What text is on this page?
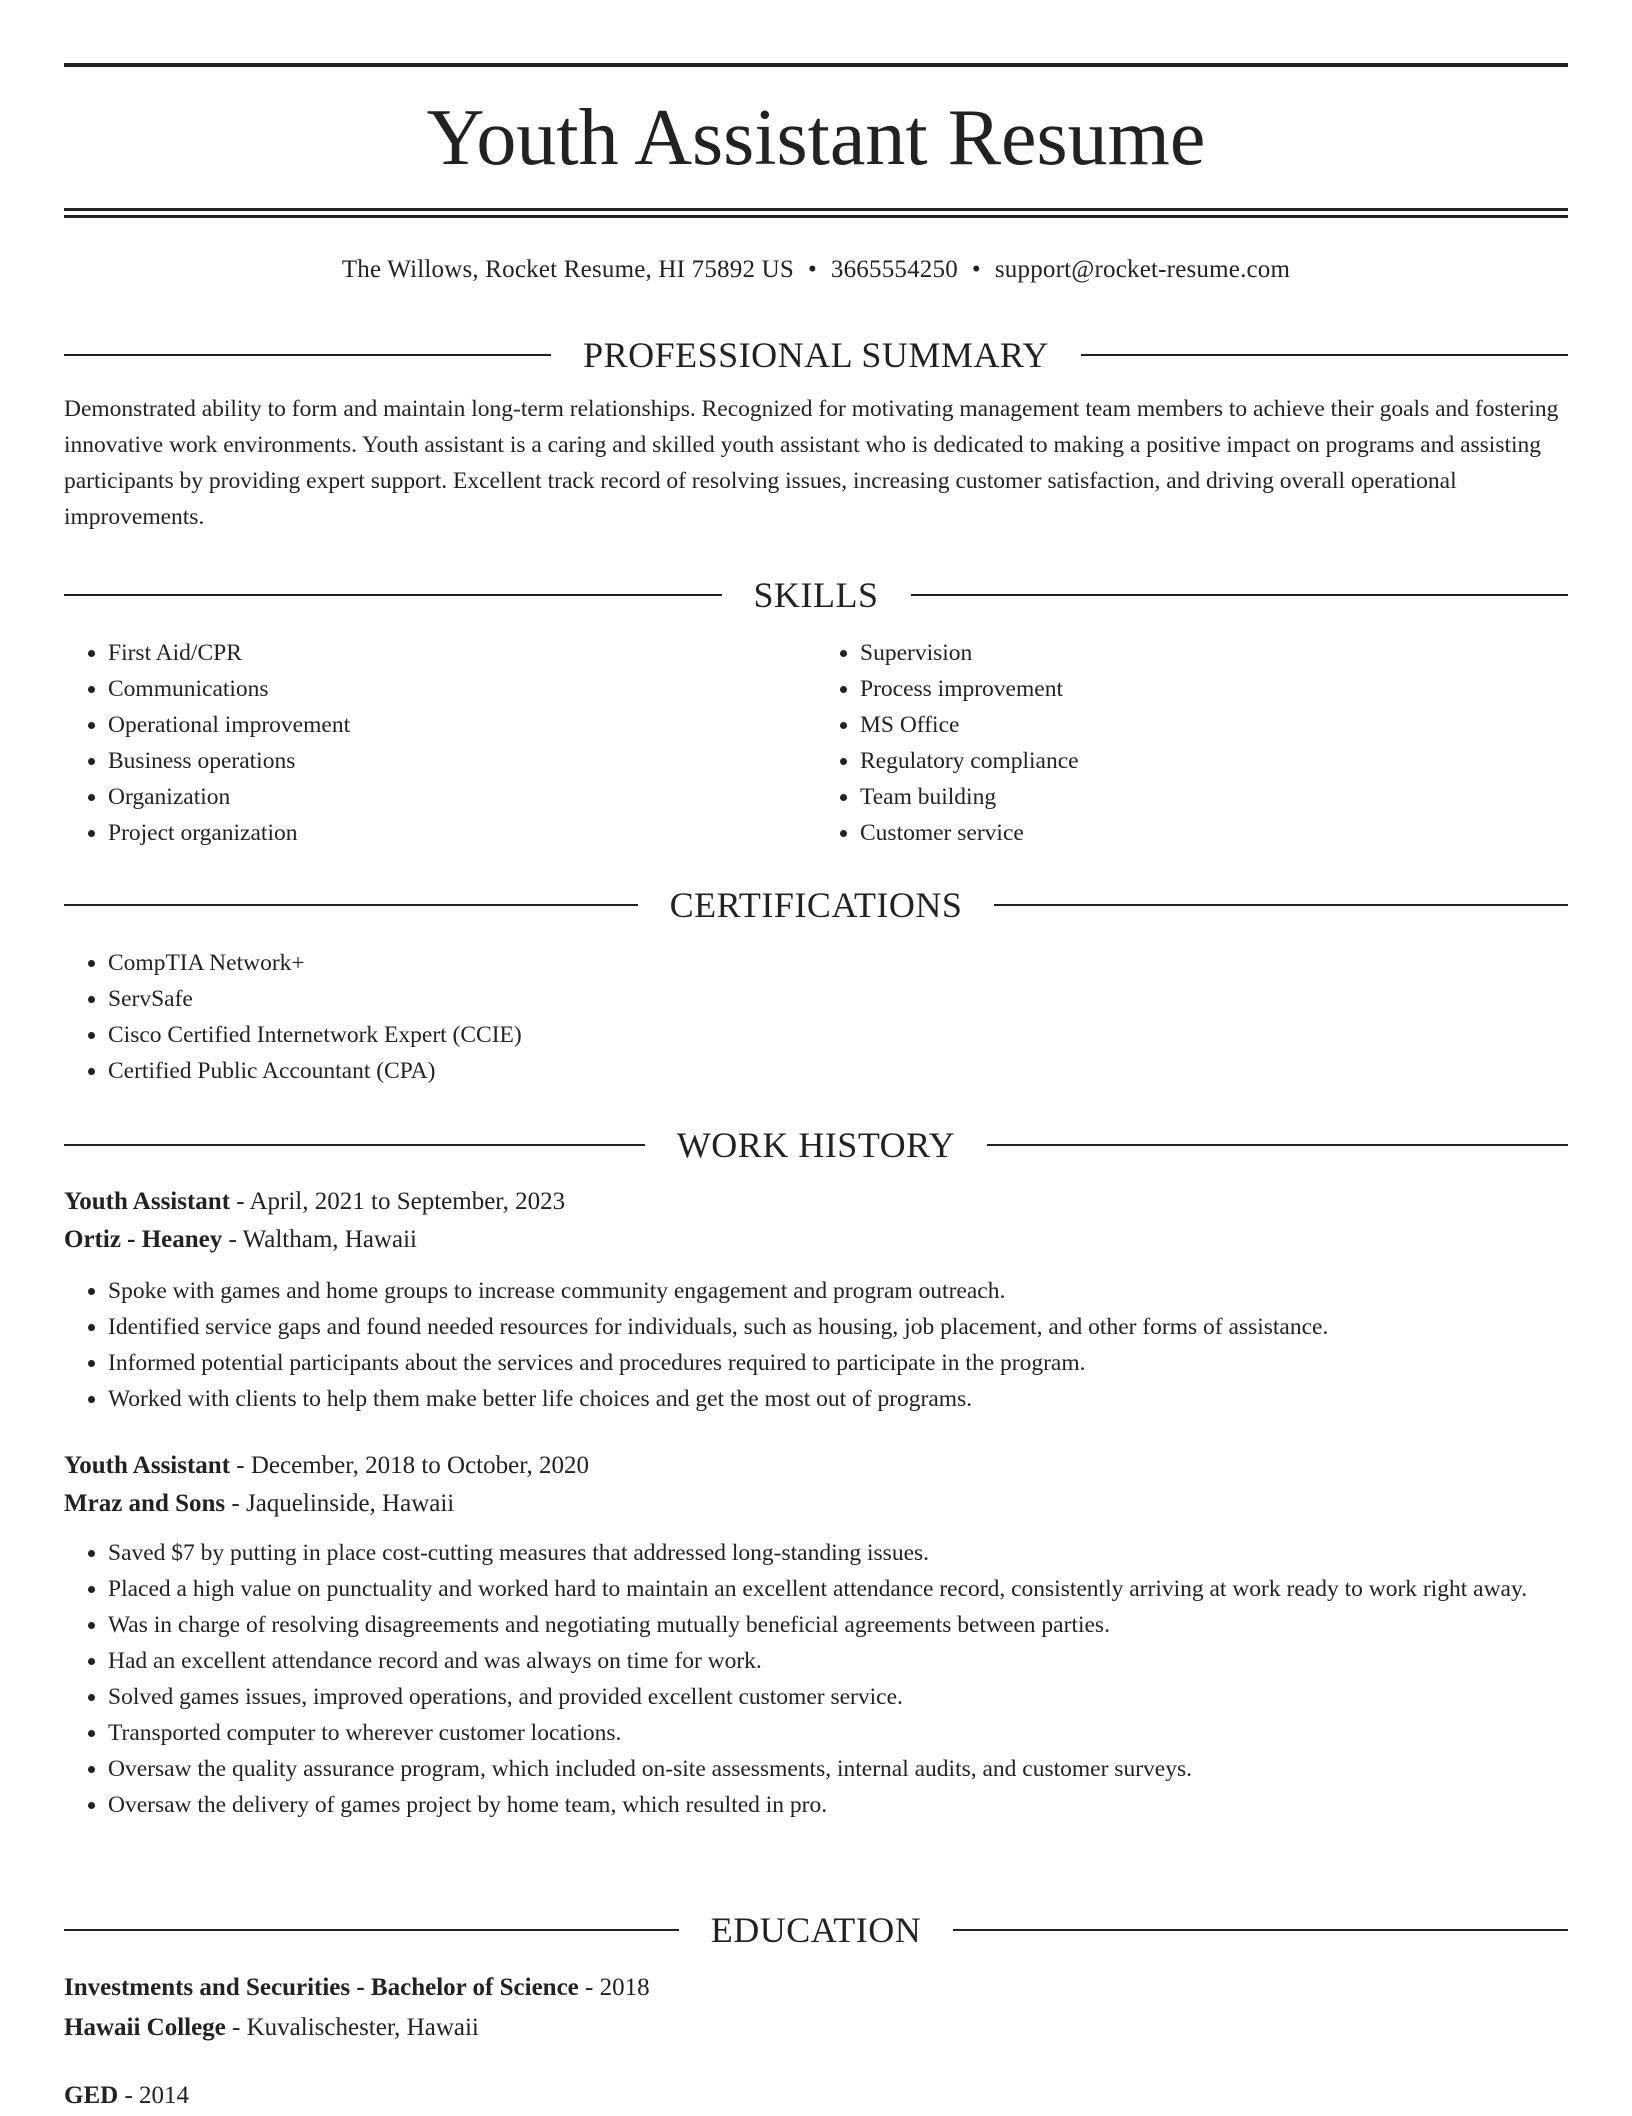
Youth Assistant Resume
The Willows, Rocket Resume, HI 75892 US • 3665554250 • support@rocket-resume.com
PROFESSIONAL SUMMARY

Demonstrated ability to form and maintain long-term relationships. Recognized for motivating management team members to achieve their goals and fostering innovative work environments. Youth assistant is a caring and skilled youth assistant who is dedicated to making a positive impact on programs and assisting participants by providing expert support. Excellent track record of resolving issues, increasing customer satisfaction, and driving overall operational improvements.

SKILLS
• First Aid/CPR
• Communications
• Operational improvement
• Business operations
• Organization
• Project organization
• Supervision
• Process improvement
• MS Office
• Regulatory compliance
• Team building
• Customer service
CERTIFICATIONS
• CompTIA Network+
• ServSafe
• Cisco Certified Internetwork Expert (CCIE)
• Certified Public Accountant (CPA)
WORK HISTORY
Youth Assistant - April, 2021 to September, 2023
Ortiz - Heaney - Waltham, Hawaii
• Spoke with games and home groups to increase community engagement and program outreach.
• Identified service gaps and found needed resources for individuals, such as housing, job placement, and other forms of assistance.
• Informed potential participants about the services and procedures required to participate in the program.
• Worked with clients to help them make better life choices and get the most out of programs.
Youth Assistant - December, 2018 to October, 2020
Mraz and Sons - Jaquelinside, Hawaii
• Saved $7 by putting in place cost-cutting measures that addressed long-standing issues.
• Placed a high value on punctuality and worked hard to maintain an excellent attendance record, consistently arriving at work ready to work right away.
• Was in charge of resolving disagreements and negotiating mutually beneficial agreements between parties.
• Had an excellent attendance record and was always on time for work.
• Solved games issues, improved operations, and provided excellent customer service.
• Transported computer to wherever customer locations.
• Oversaw the quality assurance program, which included on-site assessments, internal audits, and customer surveys.
• Oversaw the delivery of games project by home team, which resulted in pro.
EDUCATION
Investments and Securities - Bachelor of Science - 2018
Hawaii College - Kuvalischester, Hawaii
GED - 2014
